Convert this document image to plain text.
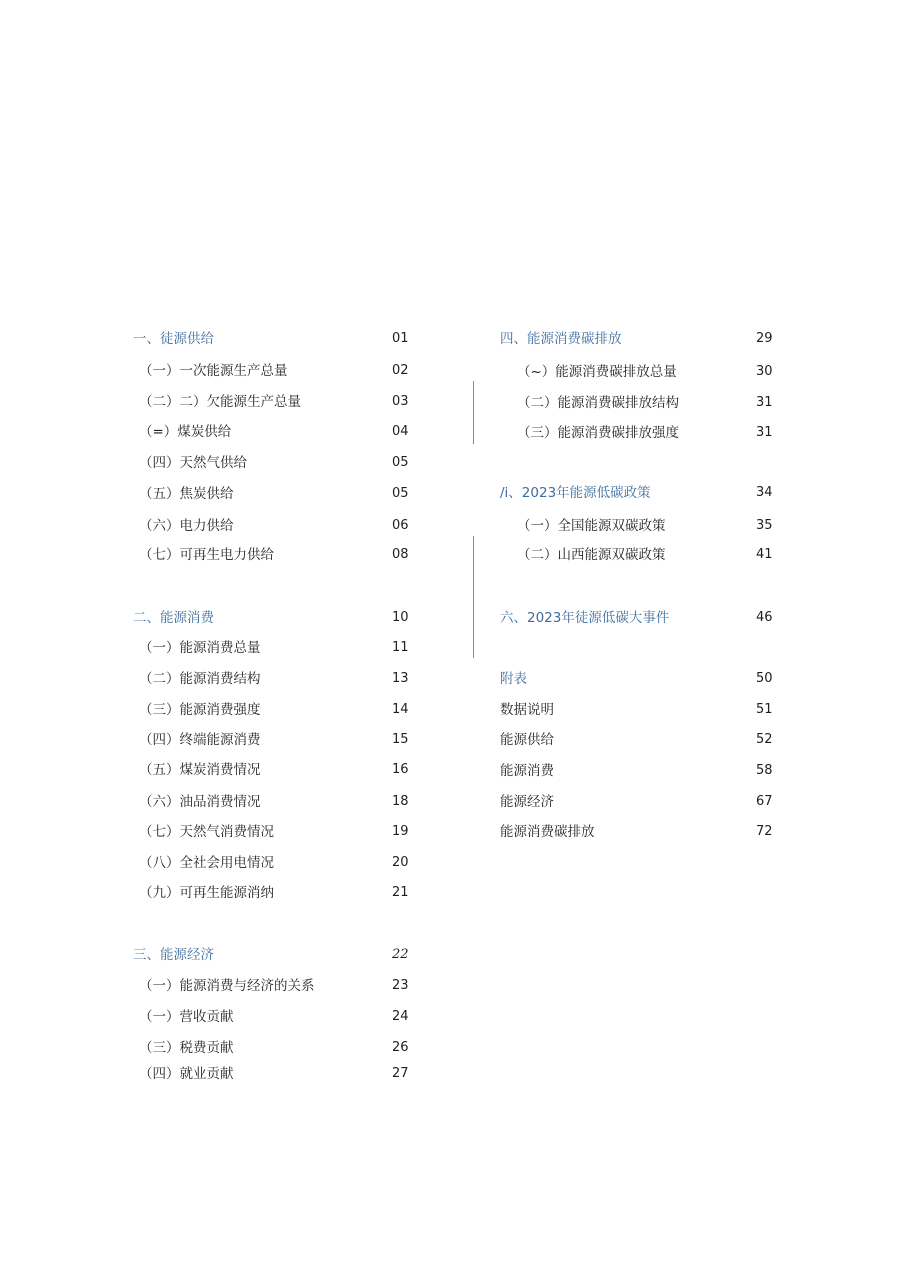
一、徒源供给	01
（一）一次能源生产总量	02
（二）二）欠能源生产总量	03
（=）煤炭供给	04
（四）天然气供给	05
（五）焦炭供给	05
（六）电力供给	06
（七）可再生电力供给	08
二、能源消费	10
（一）能源消费总量	11
（二）能源消费结构	13
（三）能源消费强度	14
（四）终端能源消费	15
（五）煤炭消费情况	16
（六）油品消费情况	18
（七）天然气消费情况	19
（八）全社会用电情况	20
（九）可再生能源消纳	21
三、能源经济	22
（一）能源消费与经济的关系	23
（一）营收贡献	24
（三）税费贡献	26
（四）就业贡献	27
四、能源消费碳排放	29
（~）能源消费碳排放总量	30
（二）能源消费碳排放结构	31
（三）能源消费碳排放强度	31
/i、2023年能源低碳政策	34
（一）全国能源双碳政策	35
（二）山西能源双碳政策	41
六、2023年徒源低碳大事件	46
附表	50
数据说明	51
能源供给	52
能源消费	58
能源经济	67
能源消费碳排放	72
